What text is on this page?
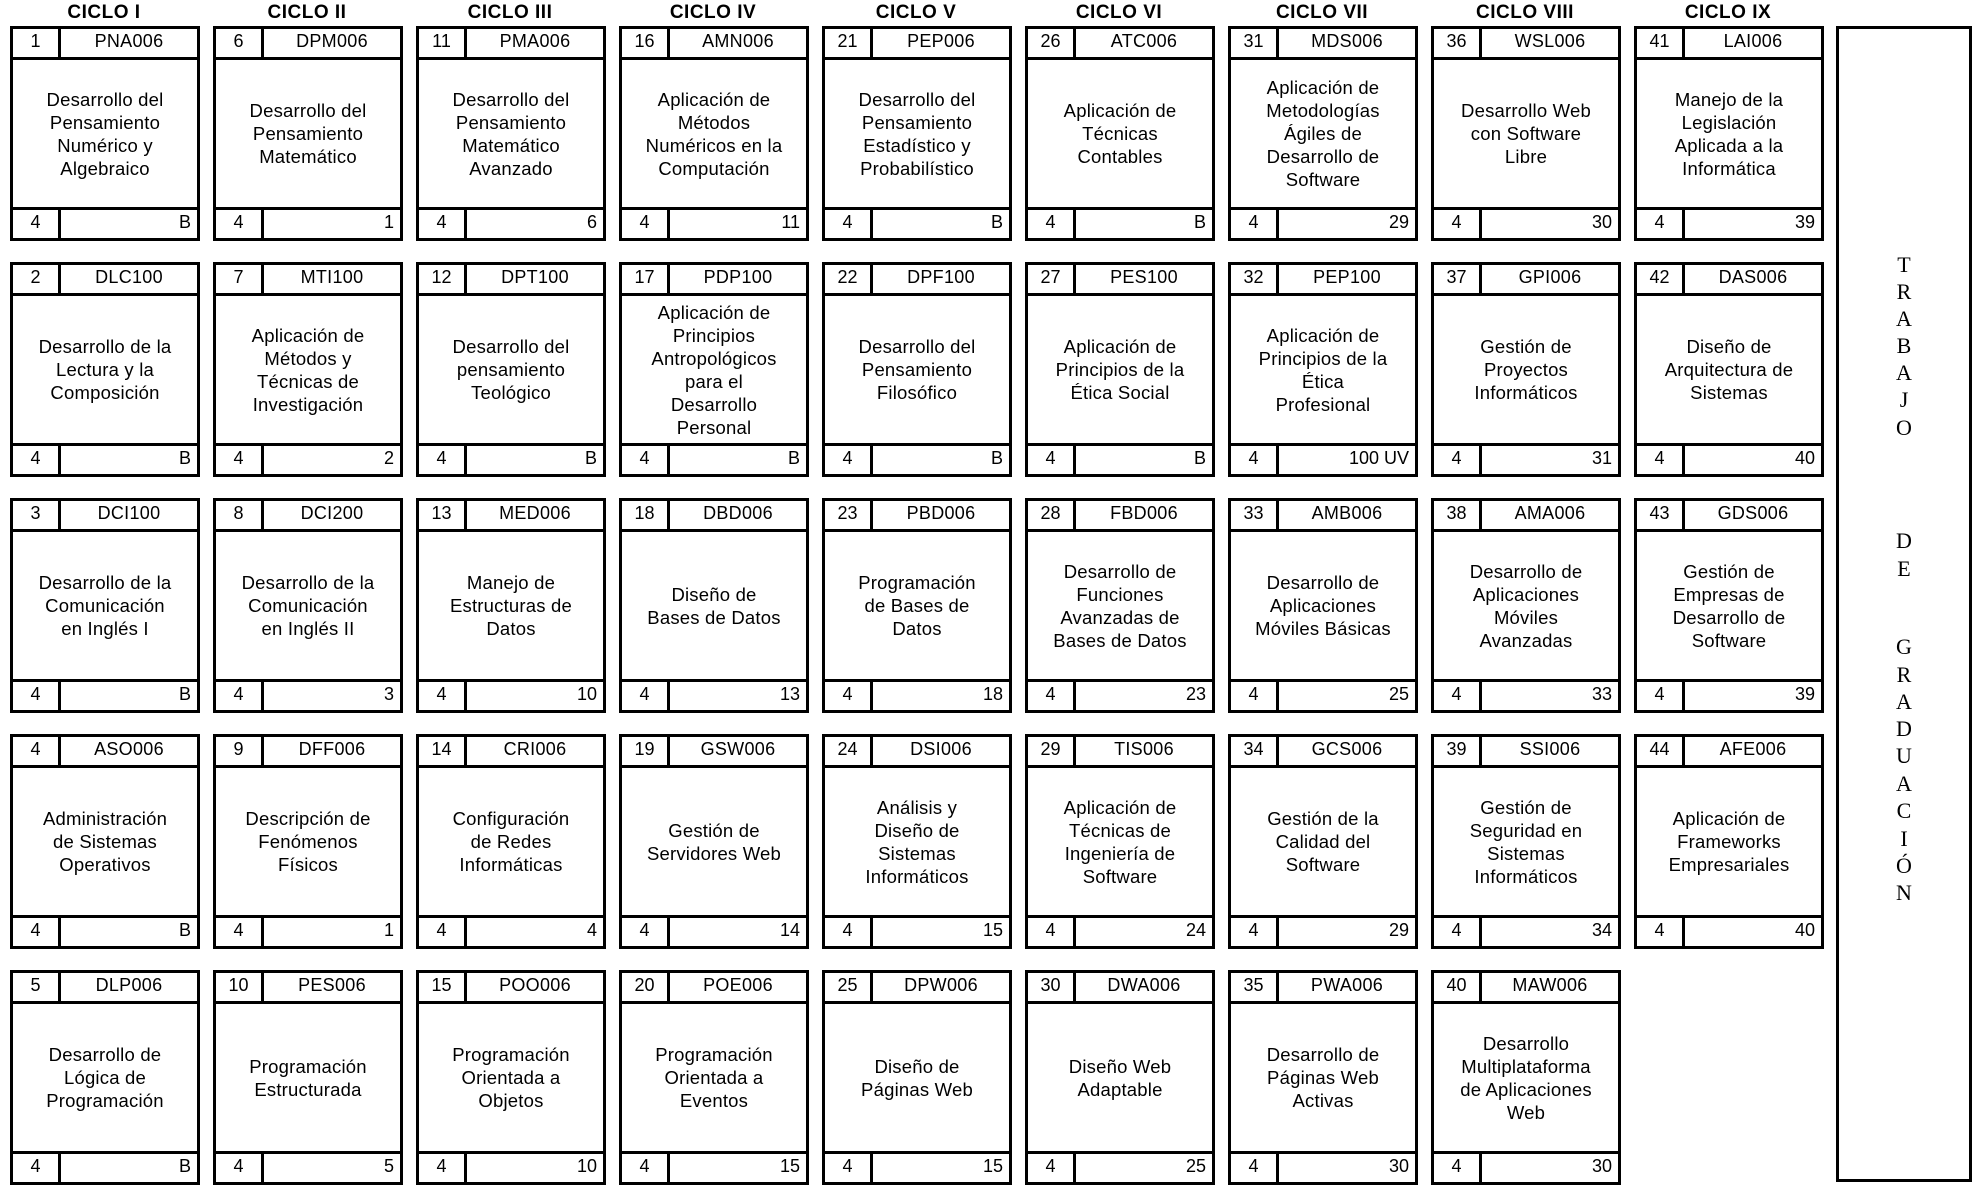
CICLO I	CICLO II	CICLO III	CICLO IV	CICLO V	CICLO VI	CICLO VII	CICLO VIII	CICLO IX
1	PNA006
Desarrollo del
Pensamiento
Numérico y
Algebraico
4	B
2	DLC100
Desarrollo de la
Lectura y la
Composición
4	B
3	DCI100
Desarrollo de la
Comunicación
en Inglés I
4	B
4	ASO006
Administración
de Sistemas
Operativos
4	B
5	DLP006
Desarrollo de
Lógica de
Programación
4	B
6	DPM006
Desarrollo del
Pensamiento
Matemático
4	1
7	MTI100
Aplicación de
Métodos y
Técnicas de
Investigación
4	2
8	DCI200
Desarrollo de la
Comunicación
en Inglés II
4	3
9	DFF006
Descripción de
Fenómenos
Físicos
4	1
10	PES006
Programación
Estructurada
4	5
11	PMA006
Desarrollo del
Pensamiento
Matemático
Avanzado
4	6
12	DPT100
Desarrollo del
pensamiento
Teológico
4	B
13	MED006
Manejo de
Estructuras de
Datos
4	10
14	CRI006
Configuración
de Redes
Informáticas
4	4
15	POO006
Programación
Orientada a
Objetos
4	10
16	AMN006
Aplicación de
Métodos
Numéricos en la
Computación
4	11
17	PDP100
Aplicación de
Principios
Antropológicos
para el
Desarrollo
Personal
4	B
18	DBD006
Diseño de
Bases de Datos
4	13
19	GSW006
Gestión de
Servidores Web
4	14
20	POE006
Programación
Orientada a
Eventos
4	15
21	PEP006
Desarrollo del
Pensamiento
Estadístico y
Probabilístico
4	B
22	DPF100
Desarrollo del
Pensamiento
Filosófico
4	B
23	PBD006
Programación
de Bases de
Datos
4	18
24	DSI006
Análisis y
Diseño de
Sistemas
Informáticos
4	15
25	DPW006
Diseño de
Páginas Web
4	15
26	ATC006
Aplicación de
Técnicas
Contables
4	B
27	PES100
Aplicación de
Principios de la
Ética Social
4	B
28	FBD006
Desarrollo de
Funciones
Avanzadas de
Bases de Datos
4	23
29	TIS006
Aplicación de
Técnicas de
Ingeniería de
Software
4	24
30	DWA006
Diseño Web
Adaptable
4	25
31	MDS006
Aplicación de
Metodologías
Ágiles de
Desarrollo de
Software
4	29
32	PEP100
Aplicación de
Principios de la
Ética
Profesional
4	100 UV
33	AMB006
Desarrollo de
Aplicaciones
Móviles Básicas
4	25
34	GCS006
Gestión de la
Calidad del
Software
4	29
35	PWA006
Desarrollo de
Páginas Web
Activas
4	30
36	WSL006
Desarrollo Web
con Software
Libre
4	30
37	GPI006
Gestión de
Proyectos
Informáticos
4	31
38	AMA006
Desarrollo de
Aplicaciones
Móviles
Avanzadas
4	33
39	SSI006
Gestión de
Seguridad en
Sistemas
Informáticos
4	34
40	MAW006
Desarrollo
Multiplataforma
de Aplicaciones
Web
4	30
41	LAI006
Manejo de la
Legislación
Aplicada a la
Informática
4	39
42	DAS006
Diseño de
Arquitectura de
Sistemas
4	40
43	GDS006
Gestión de
Empresas de
Desarrollo de
Software
4	39
44	AFE006
Aplicación de
Frameworks
Empresariales
4	40
T
R
A
B
A
J
O
D
E
G
R
A
D
U
A
C
I
Ó
N
